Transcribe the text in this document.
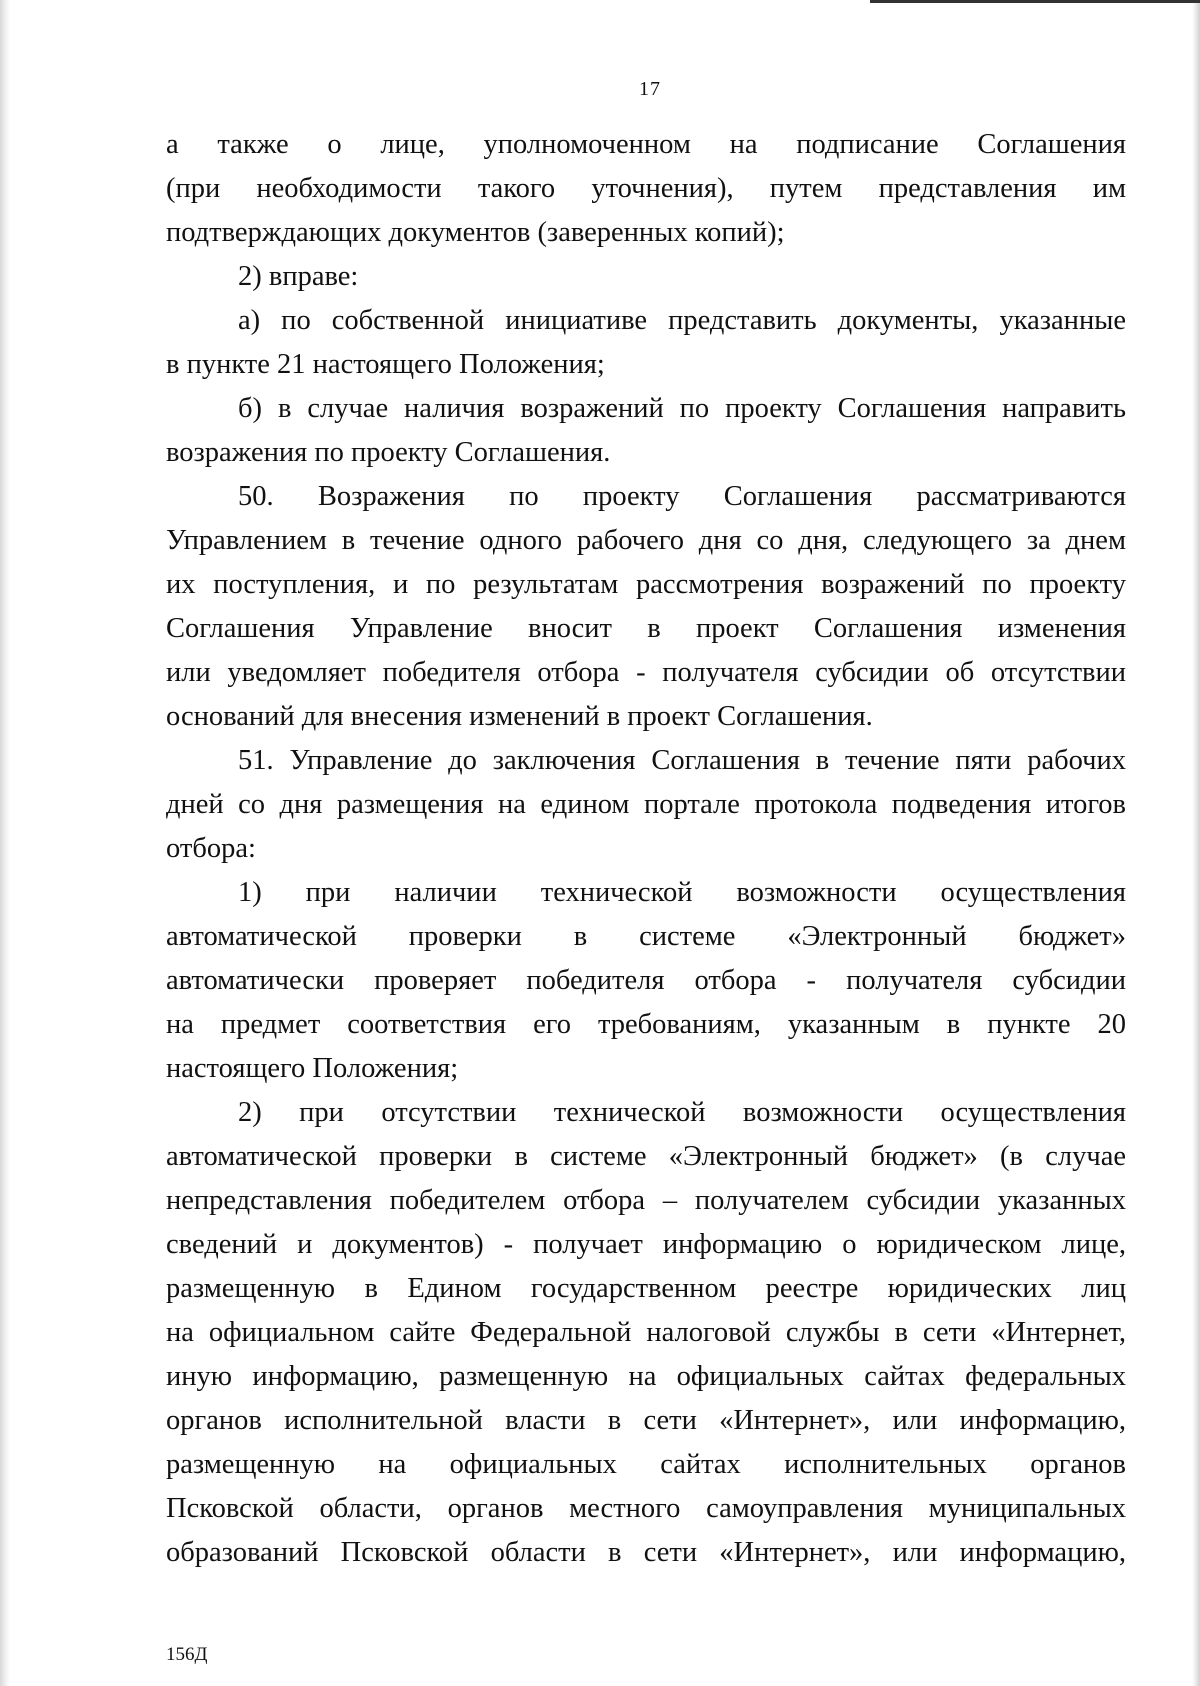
17
а также о лице, уполномоченном на подписание Соглашения
(при необходимости такого уточнения), путем представления им
подтверждающих документов (заверенных копий);
2) вправе:
а) по собственной инициативе представить документы, указанные
в пункте 21 настоящего Положения;
б) в случае наличия возражений по проекту Соглашения направить
возражения по проекту Соглашения.
50. Возражения по проекту Соглашения рассматриваются
Управлением в течение одного рабочего дня со дня, следующего за днем
их поступления, и по результатам рассмотрения возражений по проекту
Соглашения Управление вносит в проект Соглашения изменения
или уведомляет победителя отбора - получателя субсидии об отсутствии
оснований для внесения изменений в проект Соглашения.
51. Управление до заключения Соглашения в течение пяти рабочих
дней со дня размещения на едином портале протокола подведения итогов
отбора:
1) при наличии технической возможности осуществления
автоматической проверки в системе «Электронный бюджет»
автоматически проверяет победителя отбора - получателя субсидии
на предмет соответствия его требованиям, указанным в пункте 20
настоящего Положения;
2) при отсутствии технической возможности осуществления
автоматической проверки в системе «Электронный бюджет» (в случае
непредставления победителем отбора – получателем субсидии указанных
сведений и документов) - получает информацию о юридическом лице,
размещенную в Едином государственном реестре юридических лиц
на официальном сайте Федеральной налоговой службы в сети «Интернет,
иную информацию, размещенную на официальных сайтах федеральных
органов исполнительной власти в сети «Интернет», или информацию,
размещенную на официальных сайтах исполнительных органов
Псковской области, органов местного самоуправления муниципальных
образований Псковской области в сети «Интернет», или информацию,
156Д
